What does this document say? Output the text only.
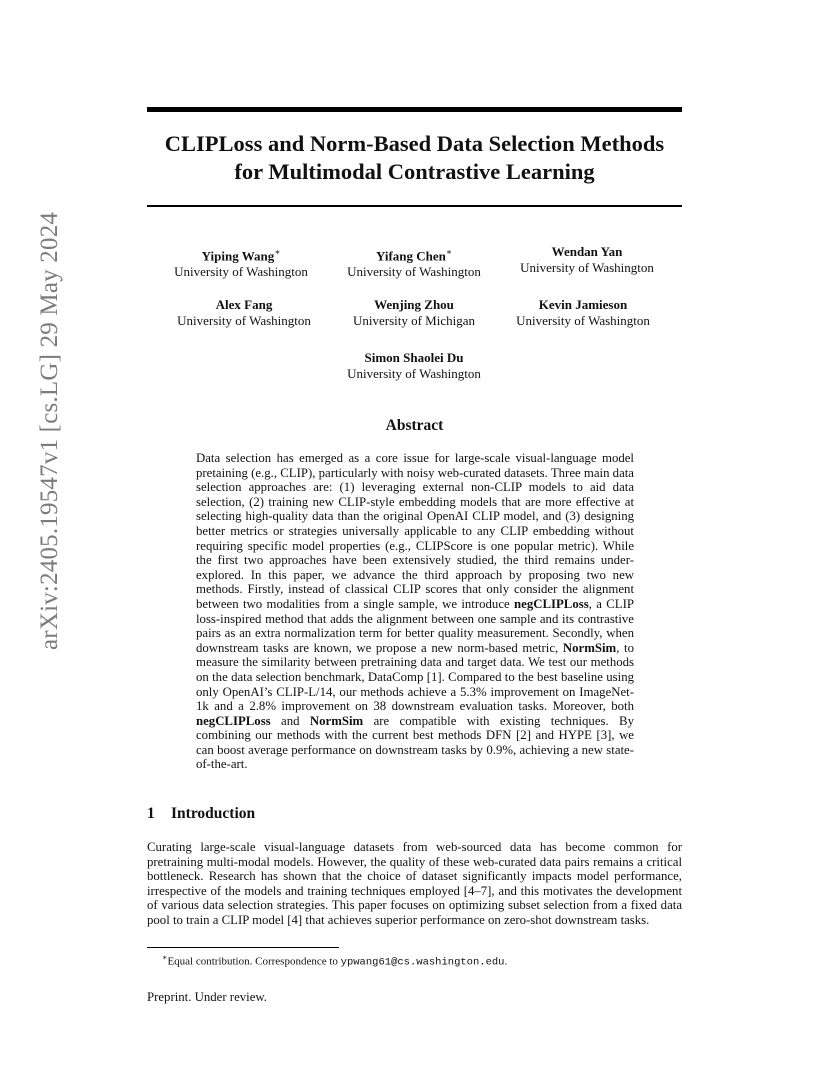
arXiv:2405.19547v1 [cs.LG] 29 May 2024
CLIPLoss and Norm-Based Data Selection Methods
for Multimodal Contrastive Learning
Yiping Wang∗
University of Washington
Yifang Chen∗
University of Washington
Wendan Yan
University of Washington
Alex Fang
University of Washington
Wenjing Zhou
University of Michigan
Kevin Jamieson
University of Washington
Simon Shaolei Du
University of Washington
Abstract
Data selection has emerged as a core issue for large-scale visual-language model pretaining (e.g., CLIP), particularly with noisy web-curated datasets. Three main data selection approaches are: (1) leveraging external non-CLIP models to aid data selection, (2) training new CLIP-style embedding models that are more effective at selecting high-quality data than the original OpenAI CLIP model, and (3) designing better metrics or strategies universally applicable to any CLIP embedding without requiring specific model properties (e.g., CLIPScore is one popular metric). While the first two approaches have been extensively studied, the third remains under-explored. In this paper, we advance the third approach by proposing two new methods. Firstly, instead of classical CLIP scores that only consider the alignment between two modalities from a single sample, we introduce negCLIPLoss, a CLIP loss-inspired method that adds the alignment between one sample and its contrastive pairs as an extra normalization term for better quality measurement. Secondly, when downstream tasks are known, we propose a new norm-based metric, NormSim, to measure the similarity between pretraining data and target data. We test our methods on the data selection benchmark, DataComp [1]. Compared to the best baseline using only OpenAI’s CLIP-L/14, our methods achieve a 5.3% improvement on ImageNet-1k and a 2.8% improvement on 38 downstream evaluation tasks. Moreover, both negCLIPLoss and NormSim are compatible with existing techniques. By combining our methods with the current best methods DFN [2] and HYPE [3], we can boost average performance on downstream tasks by 0.9%, achieving a new state-of-the-art.
1 Introduction
Curating large-scale visual-language datasets from web-sourced data has become common for pretraining multi-modal models. However, the quality of these web-curated data pairs remains a critical bottleneck. Research has shown that the choice of dataset significantly impacts model performance, irrespective of the models and training techniques employed [4–7], and this motivates the development of various data selection strategies. This paper focuses on optimizing subset selection from a fixed data pool to train a CLIP model [4] that achieves superior performance on zero-shot downstream tasks.
∗Equal contribution. Correspondence to ypwang61@cs.washington.edu.
Preprint. Under review.
